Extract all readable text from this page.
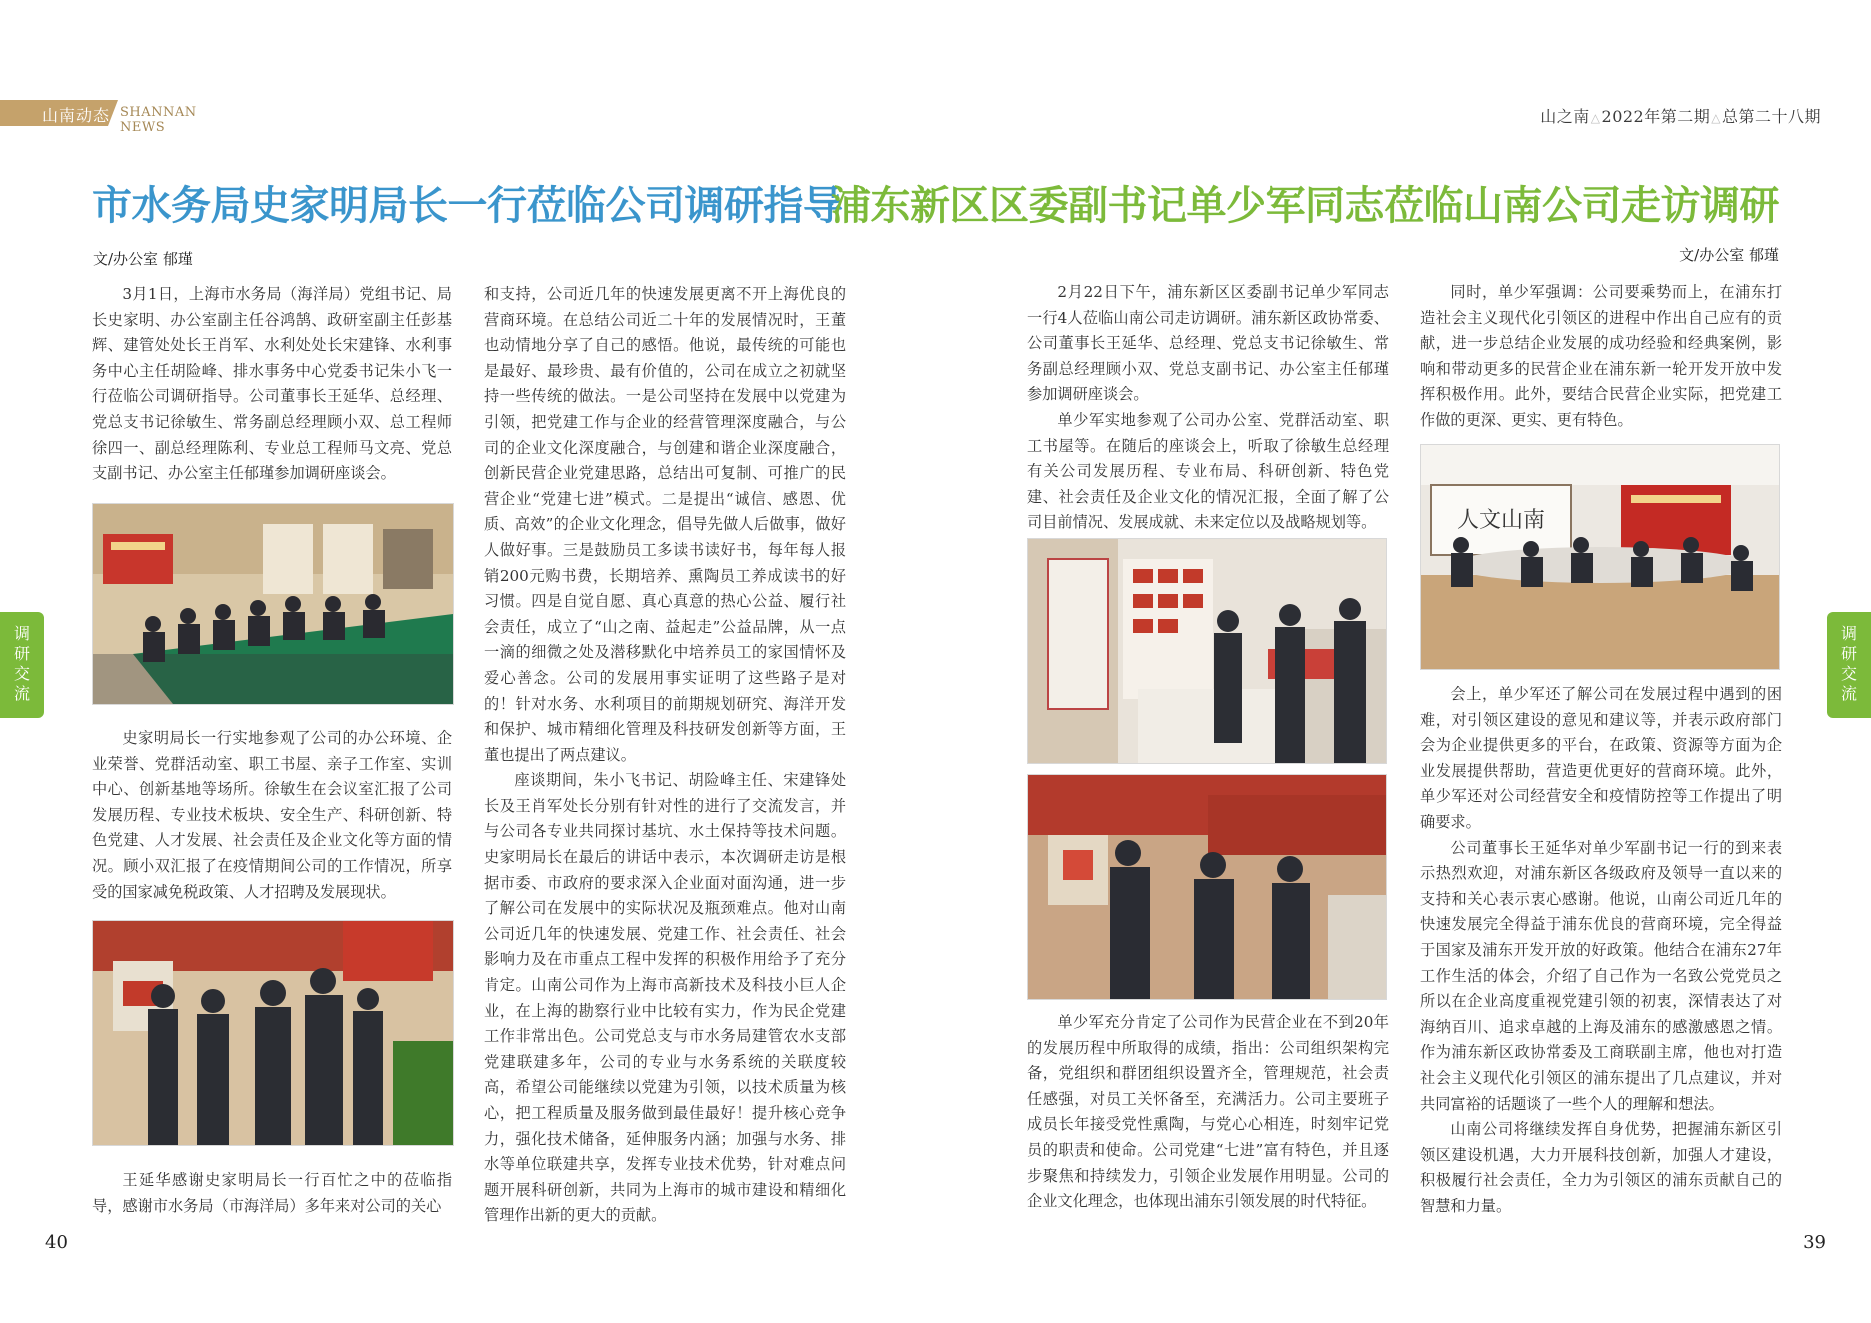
山南动态 SHANNAN NEWS
山之南△2022年第二期△总第二十八期
市水务局史家明局长一行莅临公司调研指导
文/办公室 郁瑾

3月1日，上海市水务局（海洋局）党组书记、局长史家明、办公室副主任谷鸿鹄、政研室副主任彭基辉、建管处处长王肖军、水利处处长宋建锋、水利事务中心主任胡险峰、排水事务中心党委书记朱小飞一行莅临公司调研指导。公司董事长王延华、总经理、党总支书记徐敏生、常务副总经理顾小双、总工程师徐四一、副总经理陈利、专业总工程师马文亮、党总支副书记、办公室主任郁瑾参加调研座谈会。

和支持，公司近几年的快速发展更离不开上海优良的营商环境。在总结公司近二十年的发展情况时，王董也动情地分享了自己的感悟。他说，最传统的可能也是最好、最珍贵、最有价值的，公司在成立之初就坚持一些传统的做法。一是公司坚持在发展中以党建为引领，把党建工作与企业的经营管理深度融合，与公司的企业文化深度融合，与创建和谐企业深度融合，创新民营企业党建思路，总结出可复制、可推广的民营企业“党建七进”模式。二是提出“诚信、感恩、优质、高效”的企业文化理念，倡导先做人后做事，做好人做好事。三是鼓励员工多读书读好书，每年每人报销200元购书费，长期培养、熏陶员工养成读书的好习惯。四是自觉自愿、真心真意的热心公益、履行社会责任，成立了“山之南、益起走”公益品牌，从一点一滴的细微之处及潜移默化中培养员工的家国情怀及爱心善念。公司的发展用事实证明了这些路子是对的！针对水务、水利项目的前期规划研究、海洋开发和保护、城市精细化管理及科技研发创新等方面，王董也提出了两点建议。

座谈期间，朱小飞书记、胡险峰主任、宋建锋处长及王肖军处长分别有针对性的进行了交流发言，并与公司各专业共同探讨基坑、水土保持等技术问题。史家明局长在最后的讲话中表示，本次调研走访是根据市委、市政府的要求深入企业面对面沟通，进一步了解公司在发展中的实际状况及瓶颈难点。他对山南公司近几年的快速发展、党建工作、社会责任、社会影响力及在市重点工程中发挥的积极作用给予了充分肯定。山南公司作为上海市高新技术及科技小巨人企业，在上海的勘察行业中比较有实力，作为民企党建工作非常出色。公司党总支与市水务局建管农水支部党建联建多年，公司的专业与水务系统的关联度较高，希望公司能继续以党建为引领，以技术质量为核心，把工程质量及服务做到最佳最好！提升核心竞争力，强化技术储备，延伸服务内涵；加强与水务、排水等单位联建共享，发挥专业技术优势，针对难点问题开展科研创新，共同为上海市的城市建设和精细化管理作出新的更大的贡献。

史家明局长一行实地参观了公司的办公环境、企业荣誉、党群活动室、职工书屋、亲子工作室、实训中心、创新基地等场所。徐敏生在会议室汇报了公司发展历程、专业技术板块、安全生产、科研创新、特色党建、人才发展、社会责任及企业文化等方面的情况。顾小双汇报了在疫情期间公司的工作情况，所享受的国家减免税政策、人才招聘及发展现状。

王延华感谢史家明局长一行百忙之中的莅临指导，感谢市水务局（市海洋局）多年来对公司的关心

浦东新区区委副书记单少军同志莅临山南公司走访调研
文/办公室 郁瑾

2月22日下午，浦东新区区委副书记单少军同志一行4人莅临山南公司走访调研。浦东新区政协常委、公司董事长王延华、总经理、党总支书记徐敏生、常务副总经理顾小双、党总支副书记、办公室主任郁瑾参加调研座谈会。

单少军实地参观了公司办公室、党群活动室、职工书屋等。在随后的座谈会上，听取了徐敏生总经理有关公司发展历程、专业布局、科研创新、特色党建、社会责任及企业文化的情况汇报，全面了解了公司目前情况、发展成就、未来定位以及战略规划等。

单少军充分肯定了公司作为民营企业在不到20年的发展历程中所取得的成绩，指出：公司组织架构完备，党组织和群团组织设置齐全，管理规范，社会责任感强，对员工关怀备至，充满活力。公司主要班子成员长年接受党性熏陶，与党心心相连，时刻牢记党员的职责和使命。公司党建“七进”富有特色，并且逐步聚焦和持续发力，引领企业发展作用明显。公司的企业文化理念，也体现出浦东引领发展的时代特征。

同时，单少军强调：公司要乘势而上，在浦东打造社会主义现代化引领区的进程中作出自己应有的贡献，进一步总结企业发展的成功经验和经典案例，影响和带动更多的民营企业在浦东新一轮开发开放中发挥积极作用。此外，要结合民营企业实际，把党建工作做的更深、更实、更有特色。

人文山南

会上，单少军还了解公司在发展过程中遇到的困难，对引领区建设的意见和建议等，并表示政府部门会为企业提供更多的平台，在政策、资源等方面为企业发展提供帮助，营造更优更好的营商环境。此外，单少军还对公司经营安全和疫情防控等工作提出了明确要求。

公司董事长王延华对单少军副书记一行的到来表示热烈欢迎，对浦东新区各级政府及领导一直以来的支持和关心表示衷心感谢。他说，山南公司近几年的快速发展完全得益于浦东优良的营商环境，完全得益于国家及浦东开发开放的好政策。他结合在浦东27年工作生活的体会，介绍了自己作为一名致公党党员之所以在企业高度重视党建引领的初衷，深情表达了对海纳百川、追求卓越的上海及浦东的感激感恩之情。作为浦东新区政协常委及工商联副主席，他也对打造社会主义现代化引领区的浦东提出了几点建议，并对共同富裕的话题谈了一些个人的理解和想法。

山南公司将继续发挥自身优势，把握浦东新区引领区建设机遇，大力开展科技创新，加强人才建设，积极履行社会责任，全力为引领区的浦东贡献自己的智慧和力量。

调
研
交
流
调
研
交
流
40	39
